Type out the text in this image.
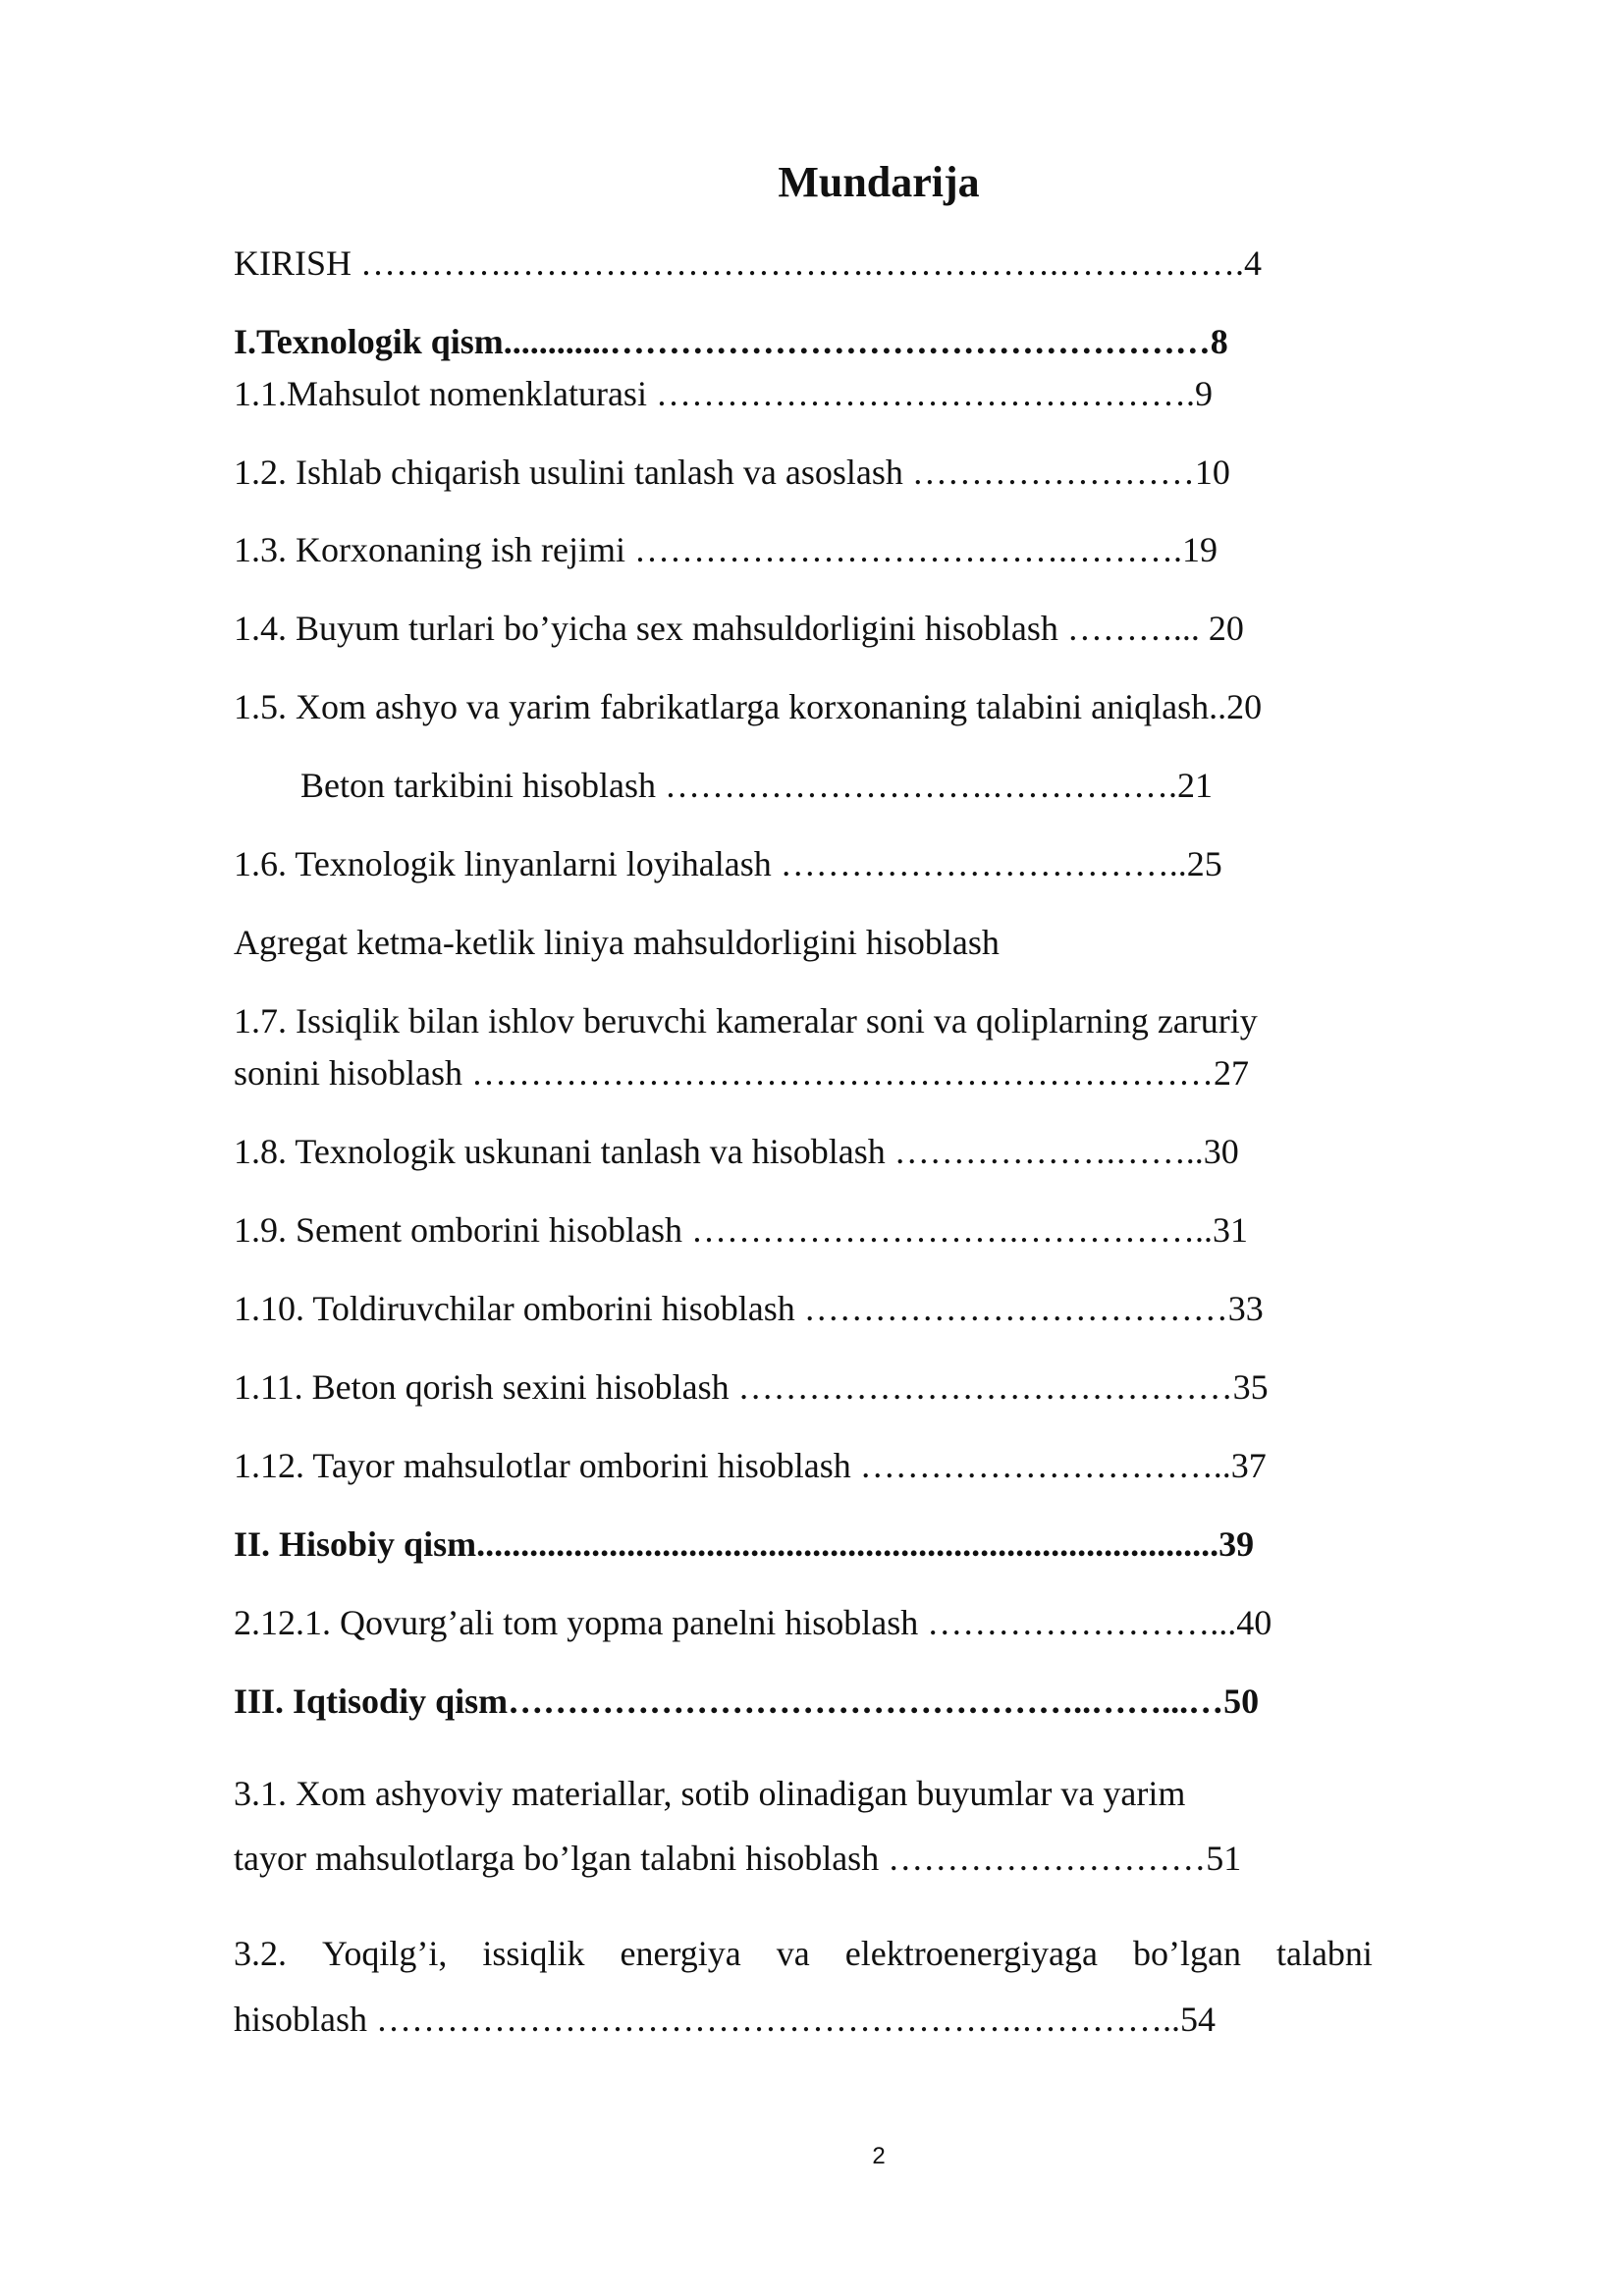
Mundarija
KIRISH ………….………………………….…………….…………….4
I.Texnologik qism............……………………………………………8
1.1.Mahsulot nomenklaturasi ……………………………………….9
1.2. Ishlab chiqarish usulini tanlash va asoslash ……………………10
1.3. Korxonaning ish rejimi ……………………………….……….19
1.4. Buyum turlari bo’yicha sex mahsuldorligini hisoblash ………... 20
1.5. Xom ashyo va yarim fabrikatlarga korxonaning talabini aniqlash..20
Beton tarkibini hisoblash ……………………….…………….21
1.6. Texnologik linyanlarni loyihalash ……………………………..25
Agregat ketma-ketlik liniya mahsuldorligini hisoblash
1.7. Issiqlik bilan ishlov beruvchi kameralar soni va qoliplarning zaruriy
sonini hisoblash ………………………………………………………27
1.8. Texnologik uskunani tanlash va hisoblash ……………….……..30
1.9. Sement omborini hisoblash ……………………….……………..31
1.10. Toldiruvchilar omborini hisoblash ………………………………33
1.11. Beton qorish sexini hisoblash ……………………………………35
1.12. Tayor mahsulotlar omborini hisoblash …………………………..37
II. Hisobiy qism....................................................................................39
2.12.1. Qovurg’ali tom yopma panelni hisoblash ……………………...40
III. Iqtisodiy qism…………………………………………..……...…50
3.1. Xom ashyoviy materiallar, sotib olinadigan buyumlar va yarim
tayor mahsulotlarga bo’lgan talabni hisoblash ………………………51
3.2. Yoqilg’i, issiqlik energiya va elektroenergiyaga bo’lgan talabni
hisoblash ……………………………………………….…………..54
2
